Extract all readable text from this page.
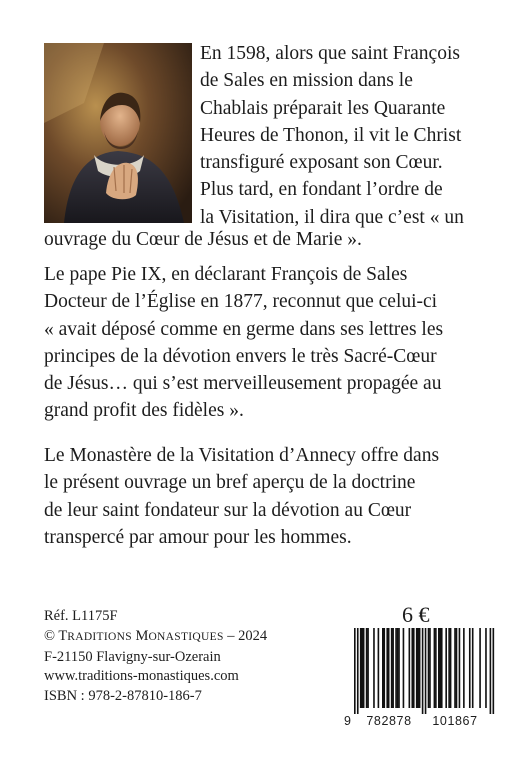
En 1598, alors que saint François
de Sales en mission dans le
Chablais préparait les Quarante
Heures de Thonon, il vit le Christ
transfiguré exposant son Cœur.
Plus tard, en fondant l’ordre de
la Visitation, il dira que c’est « un

ouvrage du Cœur de Jésus et de Marie ».

Le pape Pie IX, en déclarant François de Sales
Docteur de l’Église en 1877, reconnut que celui-ci
« avait déposé comme en germe dans ses lettres les
principes de la dévotion envers le très Sacré-Cœur
de Jésus… qui s’est merveilleusement propagée au
grand profit des fidèles ».

Le Monastère de la Visitation d’Annecy offre dans
le présent ouvrage un bref aperçu de la doctrine
de leur saint fondateur sur la dévotion au Cœur
transpercé par amour pour les hommes.

Réf. L1175F
© TRADITIONS MONASTIQUES – 2024
F-21150 Flavigny-sur-Ozerain
www.traditions-monastiques.com
ISBN : 978-2-87810-186-7
6 €
9	782878	101867
